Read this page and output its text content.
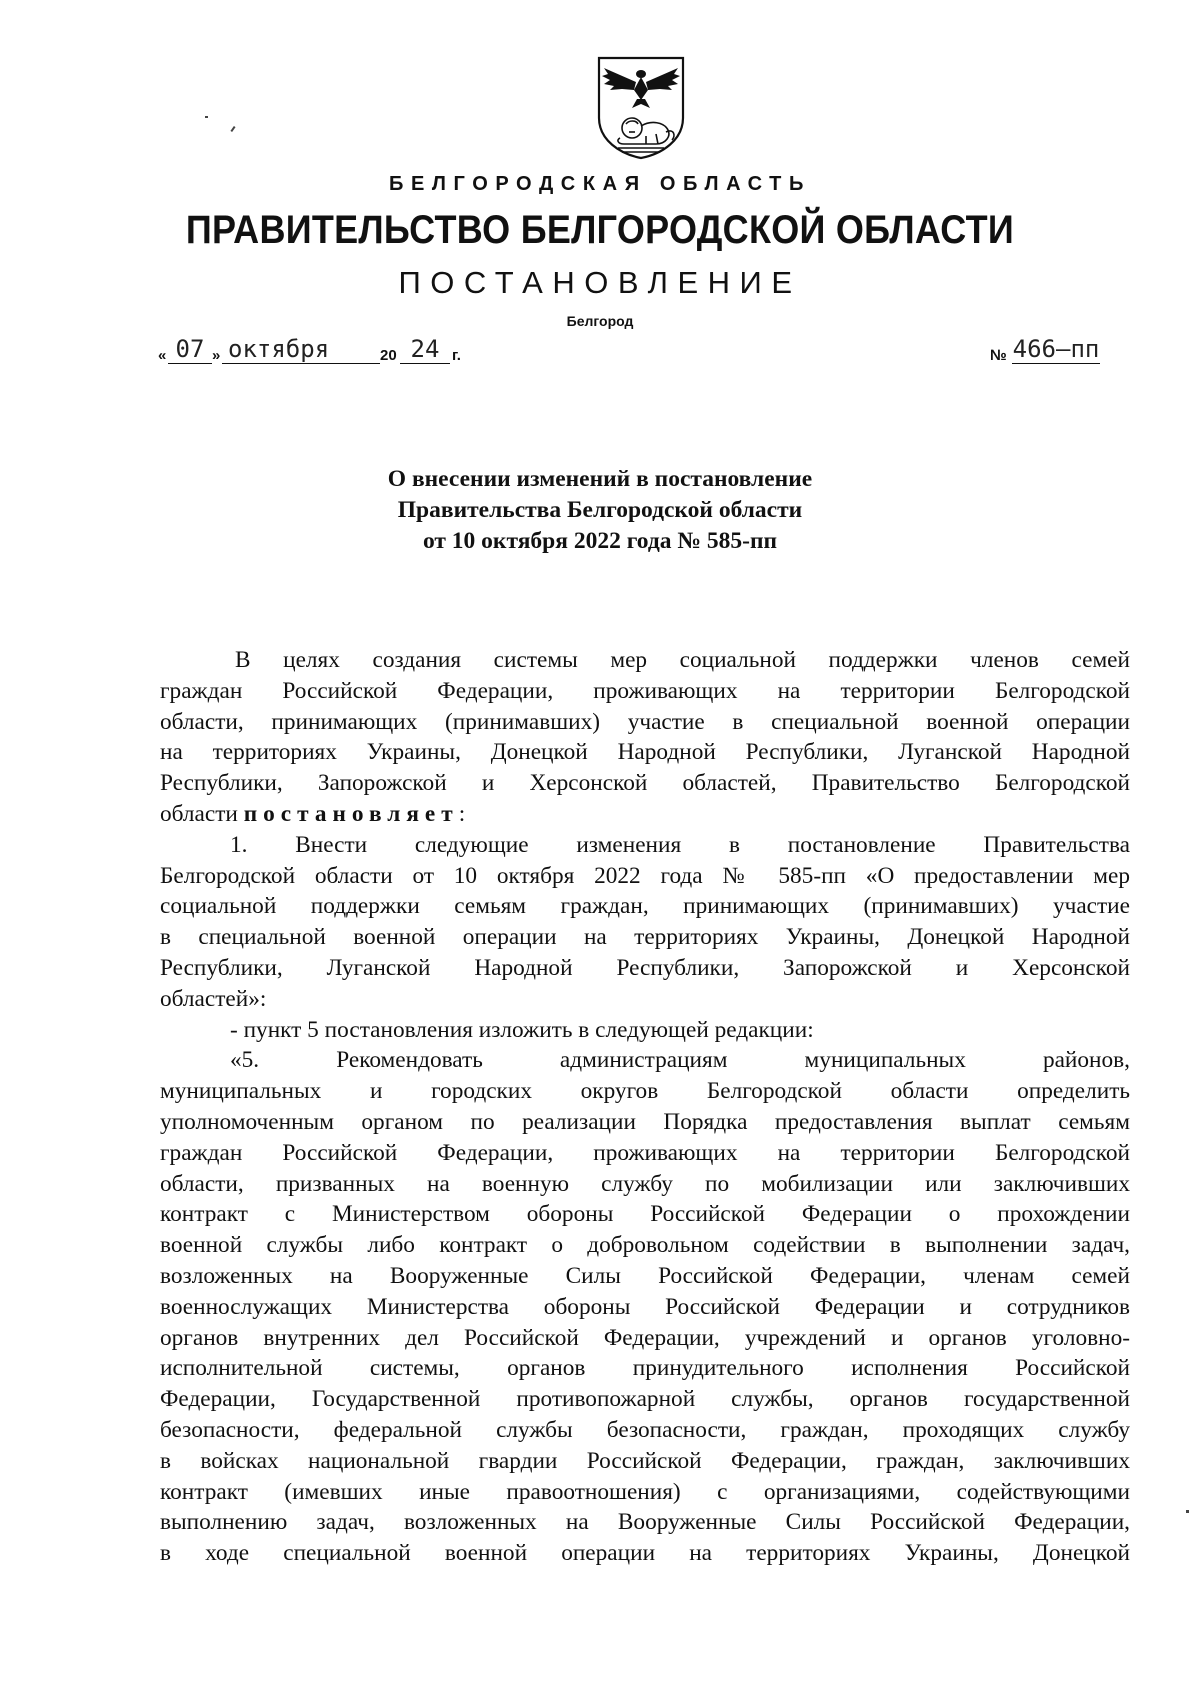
БЕЛГОРОДСКАЯ ОБЛАСТЬ
ПРАВИТЕЛЬСТВО БЕЛГОРОДСКОЙ ОБЛАСТИ
ПОСТАНОВЛЕНИЕ
Белгород
« 07 » октября	20 24 г.	№ 466–пп
О внесении изменений в постановление
Правительства Белгородской области
от 10 октября 2022 года № 585-пп
В целях создания системы мер социальной поддержки членов семей
граждан Российской Федерации, проживающих на территории Белгородской
области, принимающих (принимавших) участие в специальной военной операции
на территориях Украины, Донецкой Народной Республики, Луганской Народной
Республики, Запорожской и Херсонской областей, Правительство Белгородской
области постановляет:
1. Внести следующие изменения в постановление Правительства
Белгородской области от 10 октября 2022 года № 585-пп «О предоставлении мер
социальной поддержки семьям граждан, принимающих (принимавших) участие
в специальной военной операции на территориях Украины, Донецкой Народной
Республики, Луганской Народной Республики, Запорожской и Херсонской
областей»:
- пункт 5 постановления изложить в следующей редакции:
«5. Рекомендовать администрациям муниципальных районов,
муниципальных и городских округов Белгородской области определить
уполномоченным органом по реализации Порядка предоставления выплат семьям
граждан Российской Федерации, проживающих на территории Белгородской
области, призванных на военную службу по мобилизации или заключивших
контракт с Министерством обороны Российской Федерации о прохождении
военной службы либо контракт о добровольном содействии в выполнении задач,
возложенных на Вооруженные Силы Российской Федерации, членам семей
военнослужащих Министерства обороны Российской Федерации и сотрудников
органов внутренних дел Российской Федерации, учреждений и органов уголовно-
исполнительной системы, органов принудительного исполнения Российской
Федерации, Государственной противопожарной службы, органов государственной
безопасности, федеральной службы безопасности, граждан, проходящих службу
в войсках национальной гвардии Российской Федерации, граждан, заключивших
контракт (имевших иные правоотношения) с организациями, содействующими
выполнению задач, возложенных на Вооруженные Силы Российской Федерации,
в ходе специальной военной операции на территориях Украины, Донецкой
